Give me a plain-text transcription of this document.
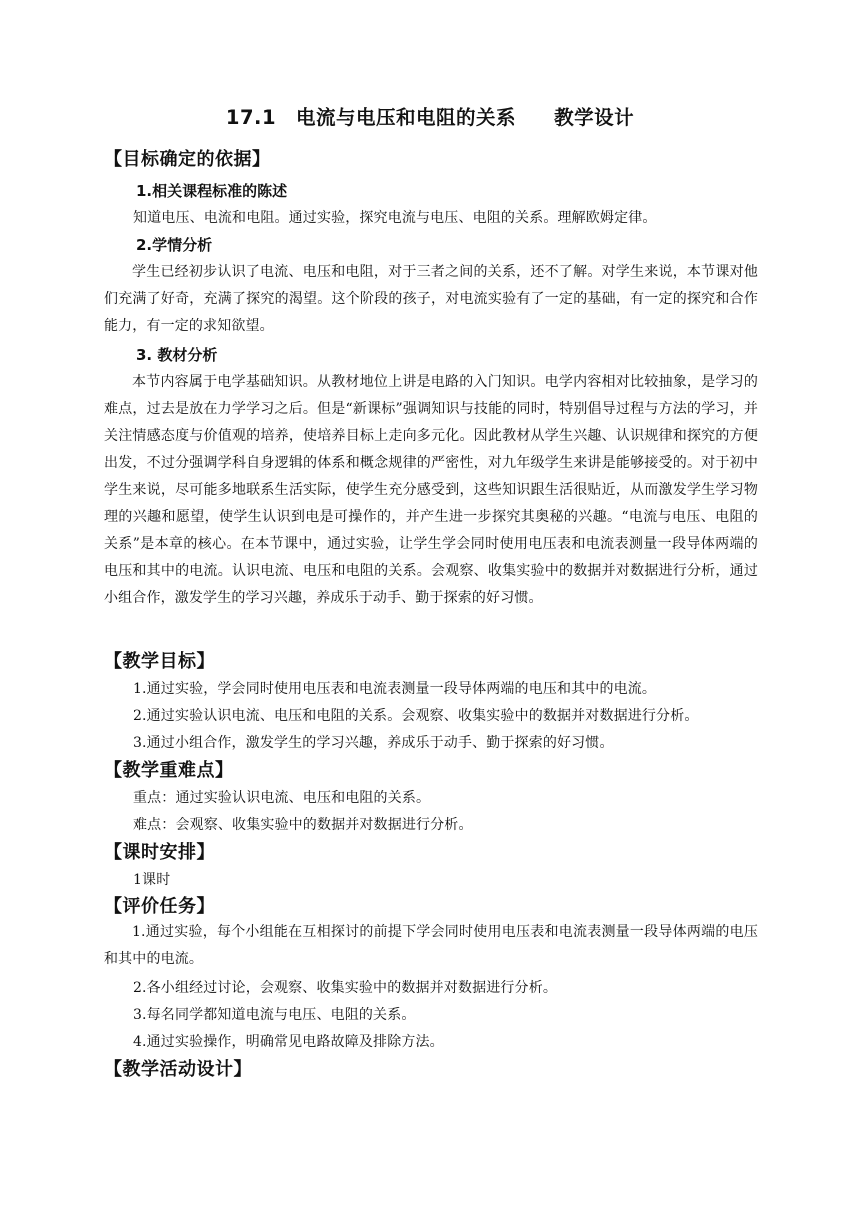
17.1 电流与电压和电阻的关系 教学设计
【目标确定的依据】
1.相关课程标准的陈述
知道电压、电流和电阻。通过实验，探究电流与电压、电阻的关系。理解欧姆定律。
2.学情分析
学生已经初步认识了电流、电压和电阻，对于三者之间的关系，还不了解。对学生来说，本节课对他们充满了好奇，充满了探究的渴望。这个阶段的孩子，对电流实验有了一定的基础，有一定的探究和合作能力，有一定的求知欲望。
3. 教材分析
本节内容属于电学基础知识。从教材地位上讲是电路的入门知识。电学内容相对比较抽象，是学习的难点，过去是放在力学学习之后。但是“新课标”强调知识与技能的同时，特别倡导过程与方法的学习，并关注情感态度与价值观的培养，使培养目标上走向多元化。因此教材从学生兴趣、认识规律和探究的方便出发，不过分强调学科自身逻辑的体系和概念规律的严密性，对九年级学生来讲是能够接受的。对于初中学生来说，尽可能多地联系生活实际，使学生充分感受到，这些知识跟生活很贴近，从而激发学生学习物理的兴趣和愿望，使学生认识到电是可操作的，并产生进一步探究其奥秘的兴趣。“电流与电压、电阻的关系”是本章的核心。在本节课中，通过实验，让学生学会同时使用电压表和电流表测量一段导体两端的电压和其中的电流。认识电流、电压和电阻的关系。会观察、收集实验中的数据并对数据进行分析，通过小组合作，激发学生的学习兴趣，养成乐于动手、勤于探索的好习惯。
【教学目标】
1.通过实验，学会同时使用电压表和电流表测量一段导体两端的电压和其中的电流。
2.通过实验认识电流、电压和电阻的关系。会观察、收集实验中的数据并对数据进行分析。
3.通过小组合作，激发学生的学习兴趣，养成乐于动手、勤于探索的好习惯。
【教学重难点】
重点：通过实验认识电流、电压和电阻的关系。
难点：会观察、收集实验中的数据并对数据进行分析。
【课时安排】
1课时
【评价任务】
1.通过实验，每个小组能在互相探讨的前提下学会同时使用电压表和电流表测量一段导体两端的电压和其中的电流。
2.各小组经过讨论，会观察、收集实验中的数据并对数据进行分析。
3.每名同学都知道电流与电压、电阻的关系。
4.通过实验操作，明确常见电路故障及排除方法。
【教学活动设计】
